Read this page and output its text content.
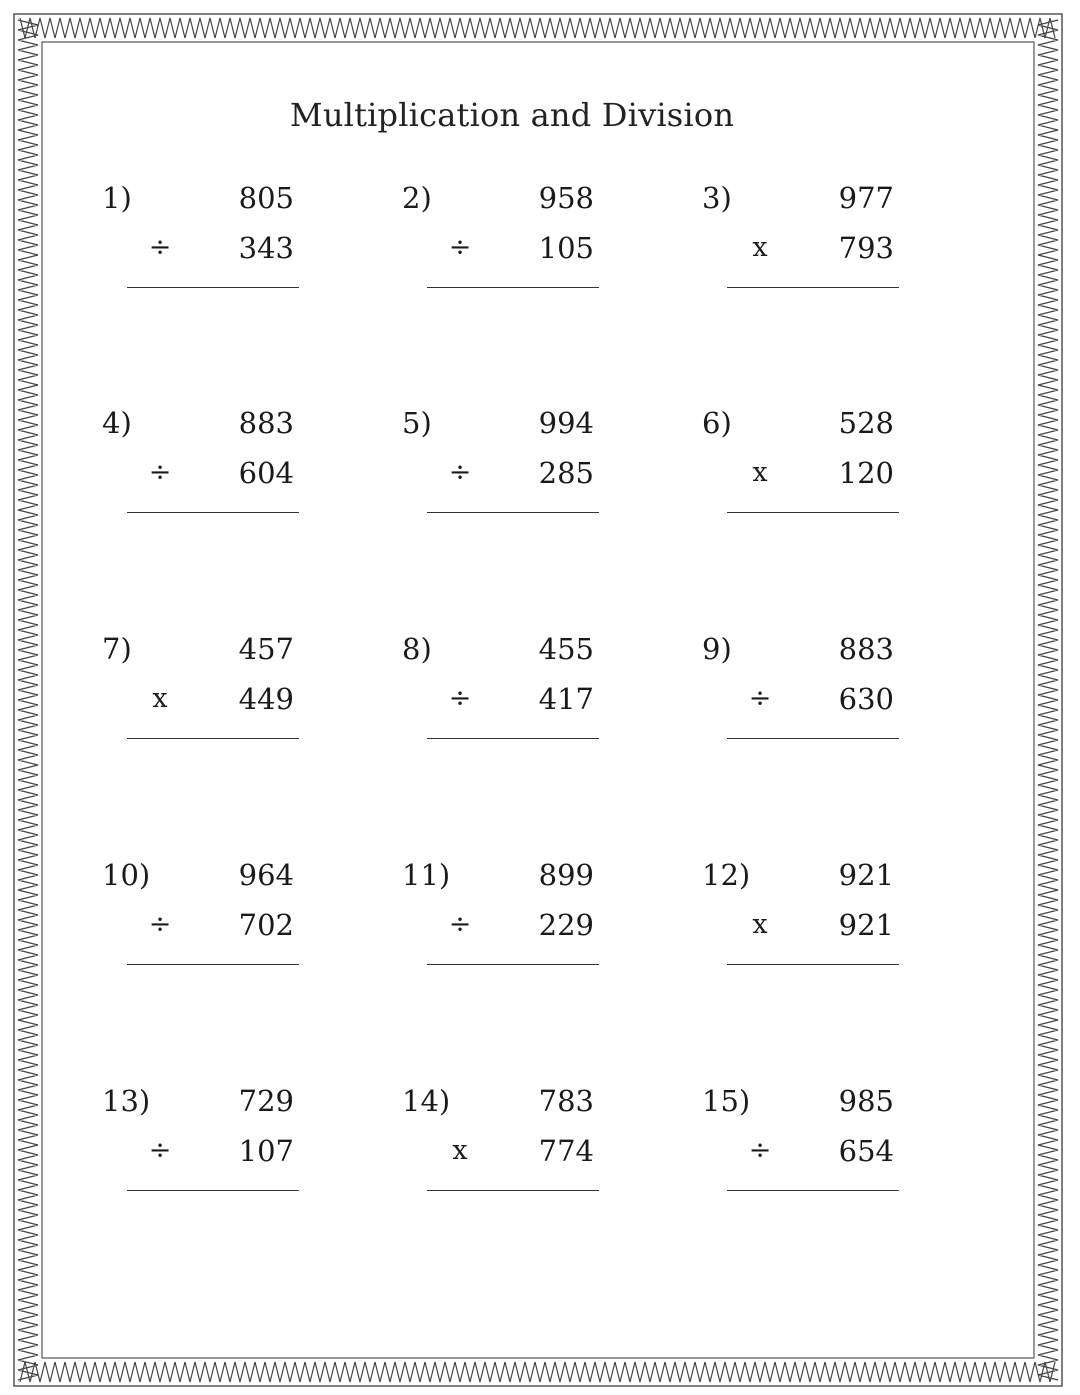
Multiplication and Division
1)	805
÷ 343
2)	958
÷ 105
3)	977
x 793
4)	883
÷ 604
5)	994
÷ 285
6)	528
x 120
7)	457
x 449
8)	455
÷ 417
9)	883
÷ 630
10)	964
÷ 702
11)	899
÷ 229
12)	921
x 921
13)	729
÷ 107
14)	783
x 774
15)	985
÷ 654
